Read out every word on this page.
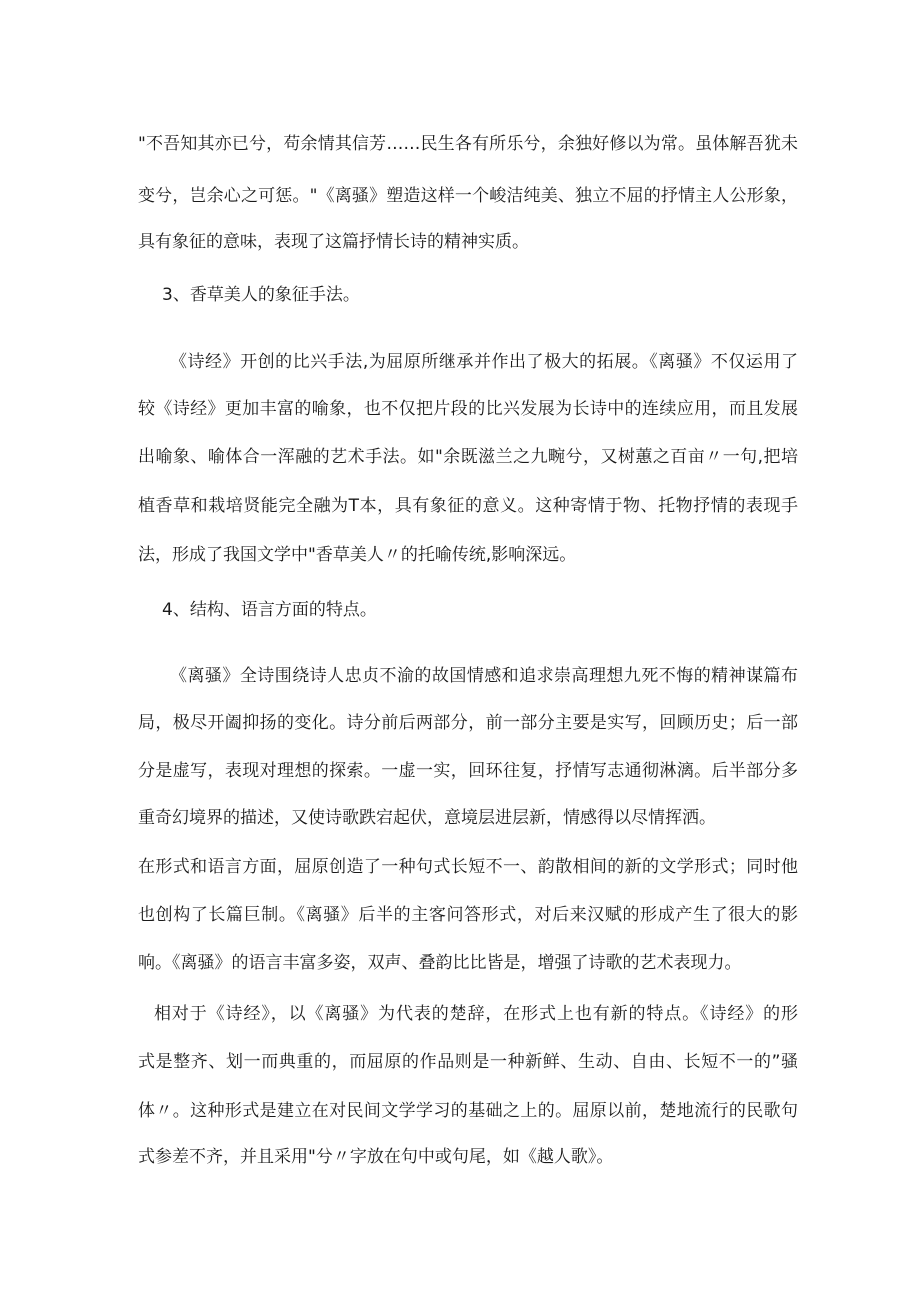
"不吾知其亦已兮，苟余情其信芳……民生各有所乐兮，余独好修以为常。虽体解吾犹未
变兮，岂余心之可惩。"《离骚》塑造这样一个峻洁纯美、独立不屈的抒情主人公形象，
具有象征的意味，表现了这篇抒情长诗的精神实质。
3、香草美人的象征手法。
《诗经》开创的比兴手法,为屈原所继承并作出了极大的拓展。《离骚》不仅运用了
较《诗经》更加丰富的喻象，也不仅把片段的比兴发展为长诗中的连续应用，而且发展
出喻象、喻体合一浑融的艺术手法。如"余既滋兰之九畹兮，又树蕙之百亩〃一句,把培
植香草和栽培贤能完全融为T本，具有象征的意义。这种寄情于物、托物抒情的表现手
法，形成了我国文学中"香草美人〃的托喻传统,影响深远。
4、结构、语言方面的特点。
《离骚》全诗围绕诗人忠贞不渝的故国情感和追求崇高理想九死不悔的精神谋篇布
局，极尽开阖抑扬的变化。诗分前后两部分，前一部分主要是实写，回顾历史；后一部
分是虚写，表现对理想的探索。一虚一实，回环往复，抒情写志通彻淋漓。后半部分多
重奇幻境界的描述，又使诗歌跌宕起伏，意境层进层新，情感得以尽情挥洒。
在形式和语言方面，屈原创造了一种句式长短不一、韵散相间的新的文学形式；同时他
也创构了长篇巨制。《离骚》后半的主客问答形式，对后来汉赋的形成产生了很大的影
响。《离骚》的语言丰富多姿，双声、叠韵比比皆是，增强了诗歌的艺术表现力。
相对于《诗经》，以《离骚》为代表的楚辞，在形式上也有新的特点。《诗经》的形
式是整齐、划一而典重的，而屈原的作品则是一种新鲜、生动、自由、长短不一的”骚
体〃。这种形式是建立在对民间文学学习的基础之上的。屈原以前，楚地流行的民歌句
式参差不齐，并且采用"兮〃字放在句中或句尾，如《越人歌》。
